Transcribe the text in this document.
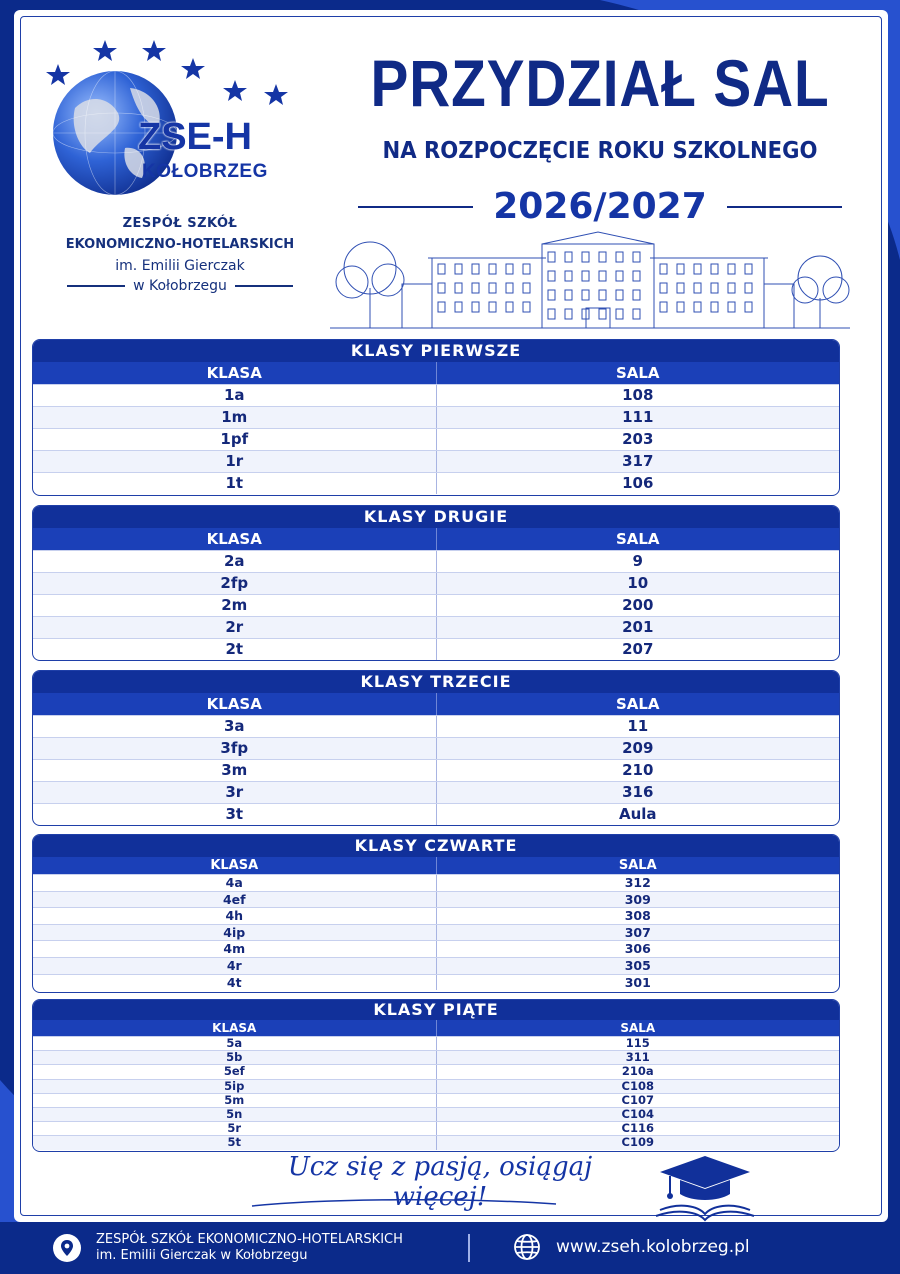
ZSE-H
KOŁOBRZEG
ZESPÓŁ SZKÓŁ
EKONOMICZNO-HOTELARSKICH
im. Emilii Gierczak
w Kołobrzegu
PRZYDZIAŁ SAL
NA ROZPOCZĘCIE ROKU SZKOLNEGO
2026/2027
KLASY PIERWSZE
KLASA	SALA
1a	108
1m	111
1pf	203
1r	317
1t	106
KLASY DRUGIE
KLASA	SALA
2a	9
2fp	10
2m	200
2r	201
2t	207
KLASY TRZECIE
KLASA	SALA
3a	11
3fp	209
3m	210
3r	316
3t	Aula
KLASY CZWARTE
KLASA	SALA
4a	312
4ef	309
4h	308
4ip	307
4m	306
4r	305
4t	301
KLASY PIĄTE
KLASA	SALA
5a	115
5b	311
5ef	210a
5ip	C108
5m	C107
5n	C104
5r	C116
5t	C109
Ucz się z pasją, osiągaj więcej!
ZESPÓŁ SZKÓŁ EKONOMICZNO-HOTELARSKICH
im. Emilii Gierczak w Kołobrzegu	www.zseh.kolobrzeg.pl
